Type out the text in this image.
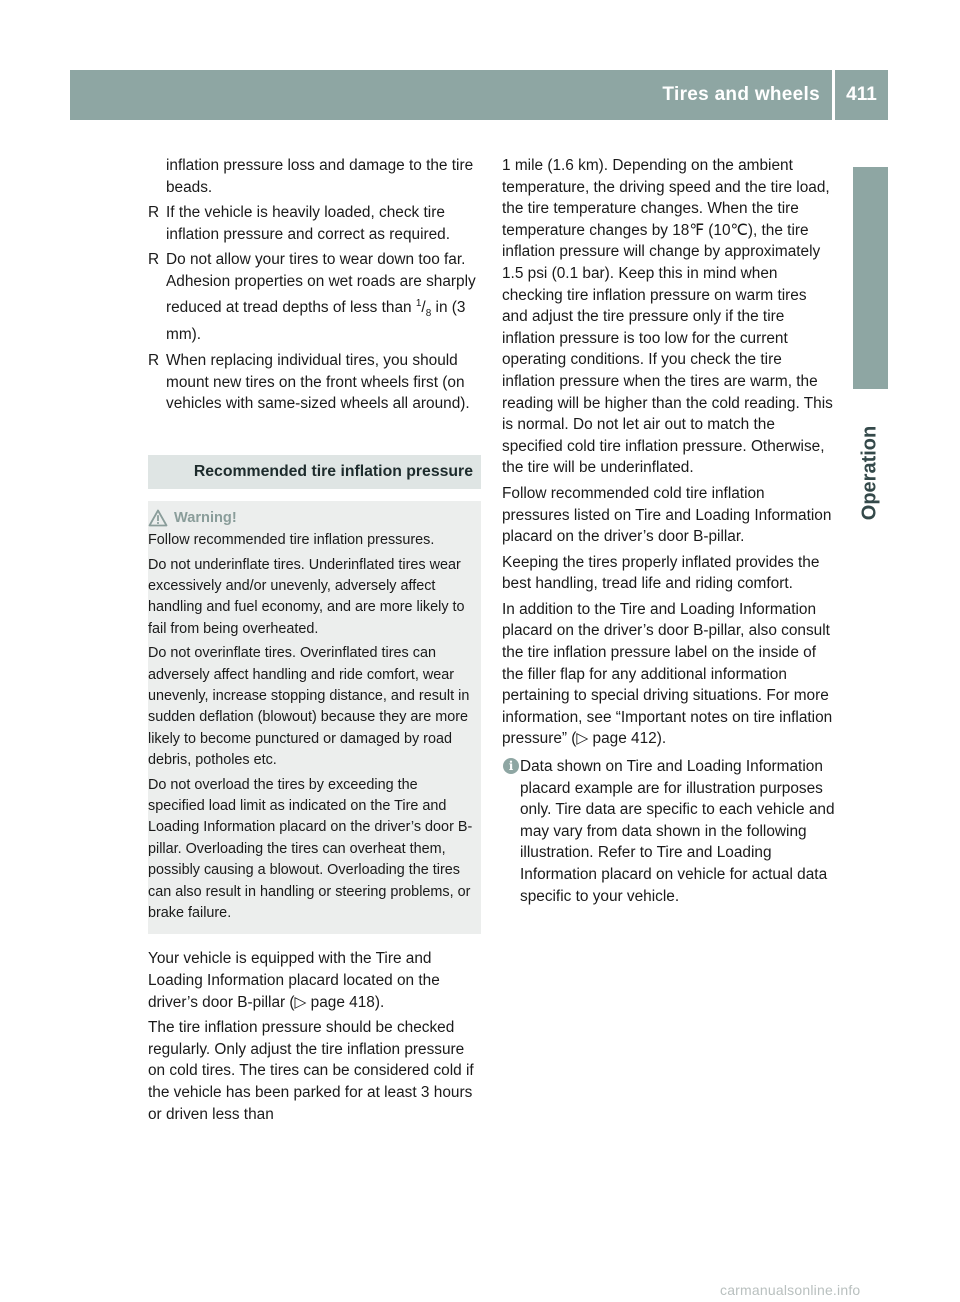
Tires and wheels	411
Operation

inflation pressure loss and damage to the tire beads.

R If the vehicle is heavily loaded, check tire inflation pressure and correct as required.
R Do not allow your tires to wear down too far. Adhesion properties on wet roads are sharply reduced at tread depths of less than $^1/_8$ in (3 mm).
R When replacing individual tires, you should mount new tires on the front wheels first (on vehicles with same-sized wheels all around).
Recommended tire inflation pressure
Warning!

Follow recommended tire inflation pressures.

Do not underinflate tires. Underinflated tires wear excessively and/or unevenly, adversely affect handling and fuel economy, and are more likely to fail from being overheated.

Do not overinflate tires. Overinflated tires can adversely affect handling and ride comfort, wear unevenly, increase stopping distance, and result in sudden deflation (blowout) because they are more likely to become punctured or damaged by road debris, potholes etc.

Do not overload the tires by exceeding the specified load limit as indicated on the Tire and Loading Information placard on the driver’s door B-pillar. Overloading the tires can overheat them, possibly causing a blowout. Overloading the tires can also result in handling or steering problems, or brake failure.

Your vehicle is equipped with the Tire and Loading Information placard located on the driver’s door B-pillar (▷ page 418).

The tire inflation pressure should be checked regularly. Only adjust the tire inflation pressure on cold tires. The tires can be considered cold if the vehicle has been parked for at least 3 hours or driven less than

1 mile (1.6 km). Depending on the ambient temperature, the driving speed and the tire load, the tire temperature changes. When the tire temperature changes by 18℉ (10℃), the tire inflation pressure will change by approximately 1.5 psi (0.1 bar). Keep this in mind when checking tire inflation pressure on warm tires and adjust the tire pressure only if the tire inflation pressure is too low for the current operating conditions. If you check the tire inflation pressure when the tires are warm, the reading will be higher than the cold reading. This is normal. Do not let air out to match the specified cold tire inflation pressure. Otherwise, the tire will be underinflated.

Follow recommended cold tire inflation pressures listed on Tire and Loading Information placard on the driver’s door B-pillar.

Keeping the tires properly inflated provides the best handling, tread life and riding comfort.

In addition to the Tire and Loading Information placard on the driver’s door B-pillar, also consult the tire inflation pressure label on the inside of the filler flap for any additional information pertaining to special driving situations. For more information, see “Important notes on tire inflation pressure” (▷ page 412).

i Data shown on Tire and Loading Information placard example are for illustration purposes only. Tire data are specific to each vehicle and may vary from data shown in the following illustration. Refer to Tire and Loading Information placard on vehicle for actual data specific to your vehicle.
carmanualsonline.info
